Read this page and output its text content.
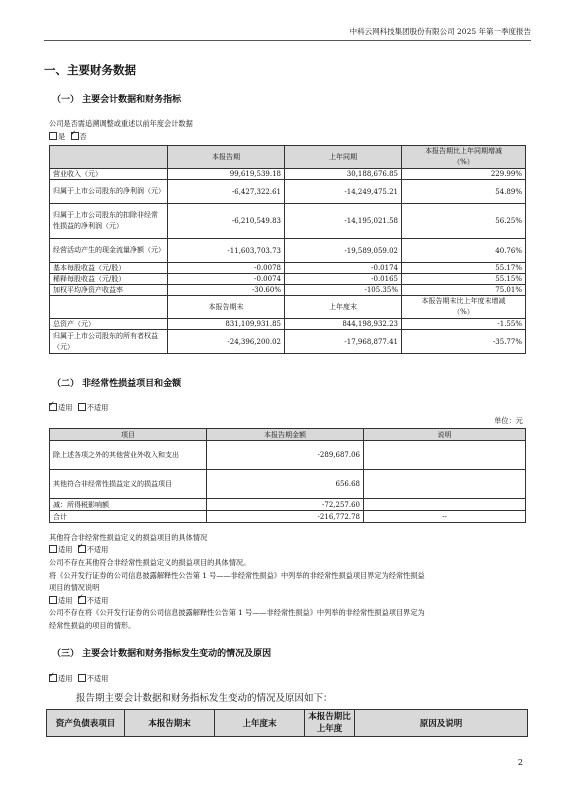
中科云网科技集团股份有限公司 2025 年第一季度报告
一、主要财务数据
（一） 主要会计数据和财务指标
公司是否需追溯调整或重述以前年度会计数据
是 ✓ 否
	本报告期	上年同期	本报告期比上年同期增减
（%）
营业收入（元）	99,619,539.18	30,188,676.85	229.99%
归属于上市公司股东的净利润（元）	-6,427,322.61	-14,249,475.21	54.89%
归属于上市公司股东的扣除非经常性损益的净利润（元）	-6,210,549.83	-14,195,021.58	56.25%
经营活动产生的现金流量净额（元）	-11,603,703.73	-19,589,059.02	40.76%
基本每股收益（元/股）	-0.0078	-0.0174	55.17%
稀释每股收益（元/股）	-0.0074	-0.0165	55.15%
加权平均净资产收益率	-30.60%	-105.35%	75.01%
	本报告期末	上年度末	本报告期末比上年度末增减
（%）
总资产（元）	831,109,931.85	844,198,932.23	-1.55%
归属于上市公司股东的所有者权益（元）	-24,396,200.02	-17,968,877.41	-35.77%
（二） 非经常性损益项目和金额
✓适用 不适用
单位：元
项目	本报告期金额	说明
除上述各项之外的其他营业外收入和支出	-289,687.06	
其他符合非经常性损益定义的损益项目	656.68	
减：所得税影响额	-72,257.60	
合计	-216,772.78	--
其他符合非经常性损益定义的损益项目的具体情况
适用 ✓ 不适用
公司不存在其他符合非经常性损益定义的损益项目的具体情况。
将《公开发行证券的公司信息披露解释性公告第 1 号——非经常性损益》中列举的非经常性损益项目界定为经常性损益
项目的情况说明
适用 ✓ 不适用
公司不存在将《公开发行证券的公司信息披露解释性公告第 1 号——非经常性损益》中列举的非经常性损益项目界定为
经常性损益的项目的情形。
（三） 主要会计数据和财务指标发生变动的情况及原因
✓适用 不适用
报告期主要会计数据和财务指标发生变动的情况及原因如下：
资产负债表项目	本报告期末	上年度末	本报告期比上年度	原因及说明
2
